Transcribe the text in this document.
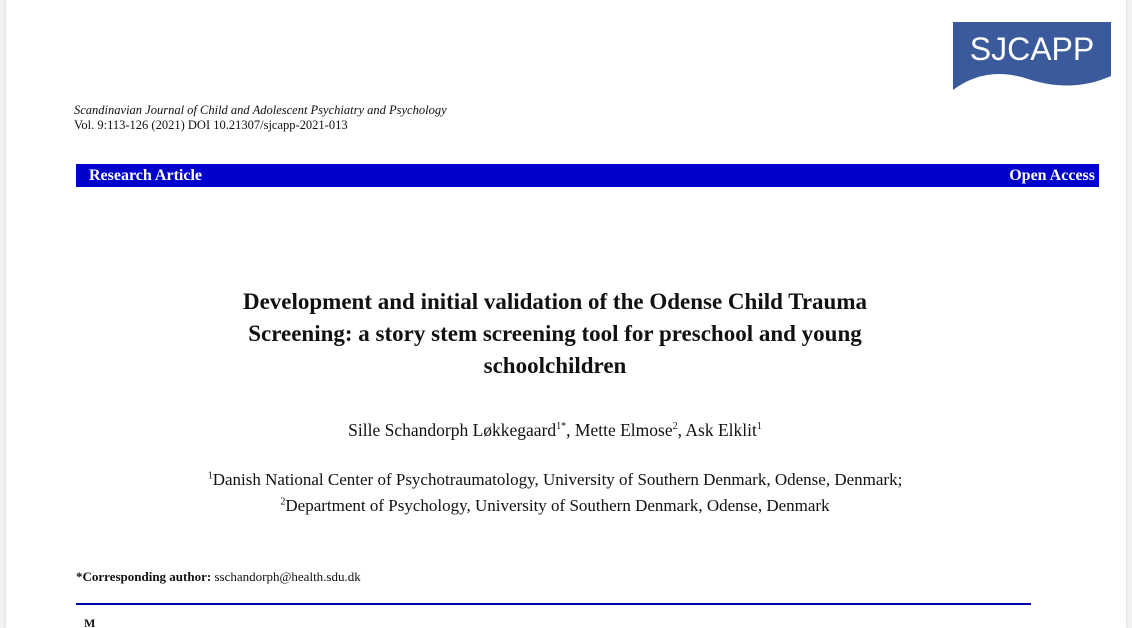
SJCAPP
Scandinavian Journal of Child and Adolescent Psychiatry and Psychology
Vol. 9:113-126 (2021) DOI 10.21307/sjcapp-2021-013
Research Article	Open Access
Development and initial validation of the Odense Child Trauma
Screening: a story stem screening tool for preschool and young
schoolchildren
Sille Schandorph Løkkegaard$^{1*}$, Mette Elmose$^2$, Ask Elklit$^1$
$^1$Danish National Center of Psychotraumatology, University of Southern Denmark, Odense, Denmark;
$^2$Department of Psychology, University of Southern Denmark, Odense, Denmark
*Corresponding author: sschandorph@health.sdu.dk
M
